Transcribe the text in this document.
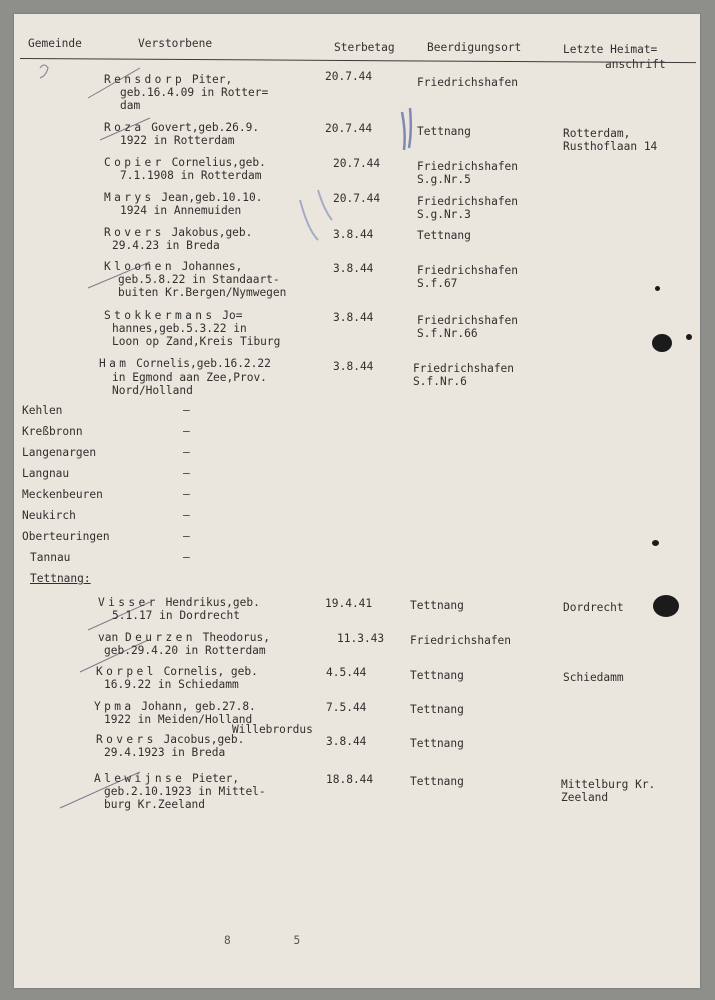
Gemeinde	Verstorbene	Sterbetag	Beerdigungsort	Letzte Heimat=
anschrift
Rensdorp Piter,
geb.16.4.09 in Rotter=
dam
20.7.44	Friedrichshafen
Roza Govert,geb.26.9.
1922 in Rotterdam
20.7.44	Tettnang	Rotterdam,
Rusthoflaan 14
Copier Cornelius,geb.
7.1.1908 in Rotterdam
20.7.44	Friedrichshafen
S.g.Nr.5
Marys Jean,geb.10.10.
1924 in Annemuiden
20.7.44	Friedrichshafen
S.g.Nr.3
Rovers Jakobus,geb.
29.4.23 in Breda
3.8.44	Tettnang
Kloonen Johannes,
geb.5.8.22 in Standaart-
buiten Kr.Bergen/Nymwegen
3.8.44	Friedrichshafen
S.f.67
Stokkermans Jo=
hannes,geb.5.3.22 in
Loon op Zand,Kreis Tiburg
3.8.44	Friedrichshafen
S.f.Nr.66
Ham Cornelis,geb.16.2.22
in Egmond aan Zee,Prov.
Nord/Holland
3.8.44	Friedrichshafen
S.f.Nr.6
Kehlen	–
Kreßbronn	–
Langenargen	–
Langnau	–
Meckenbeuren	–
Neukirch	–
Oberteuringen	–
Tannau	–
Tettnang:
Visser Hendrikus,geb.
5.1.17 in Dordrecht
19.4.41	Tettnang	Dordrecht
van Deurzen Theodorus,
geb.29.4.20 in Rotterdam
11.3.43 Friedrichshafen
Korpel Cornelis, geb.
16.9.22 in Schiedamm
4.5.44	Tettnang	Schiedamm
Ypma Johann, geb.27.8.
1922 in Meiden/Holland
7.5.44	Tettnang
Willebrordus
Rovers Jacobus,geb.
29.4.1923 in Breda
3.8.44	Tettnang
Alewijnse Pieter,
geb.2.10.1923 in Mittel-
burg Kr.Zeeland
18.8.44	Tettnang	Mittelburg Kr.
Zeeland
8 5
